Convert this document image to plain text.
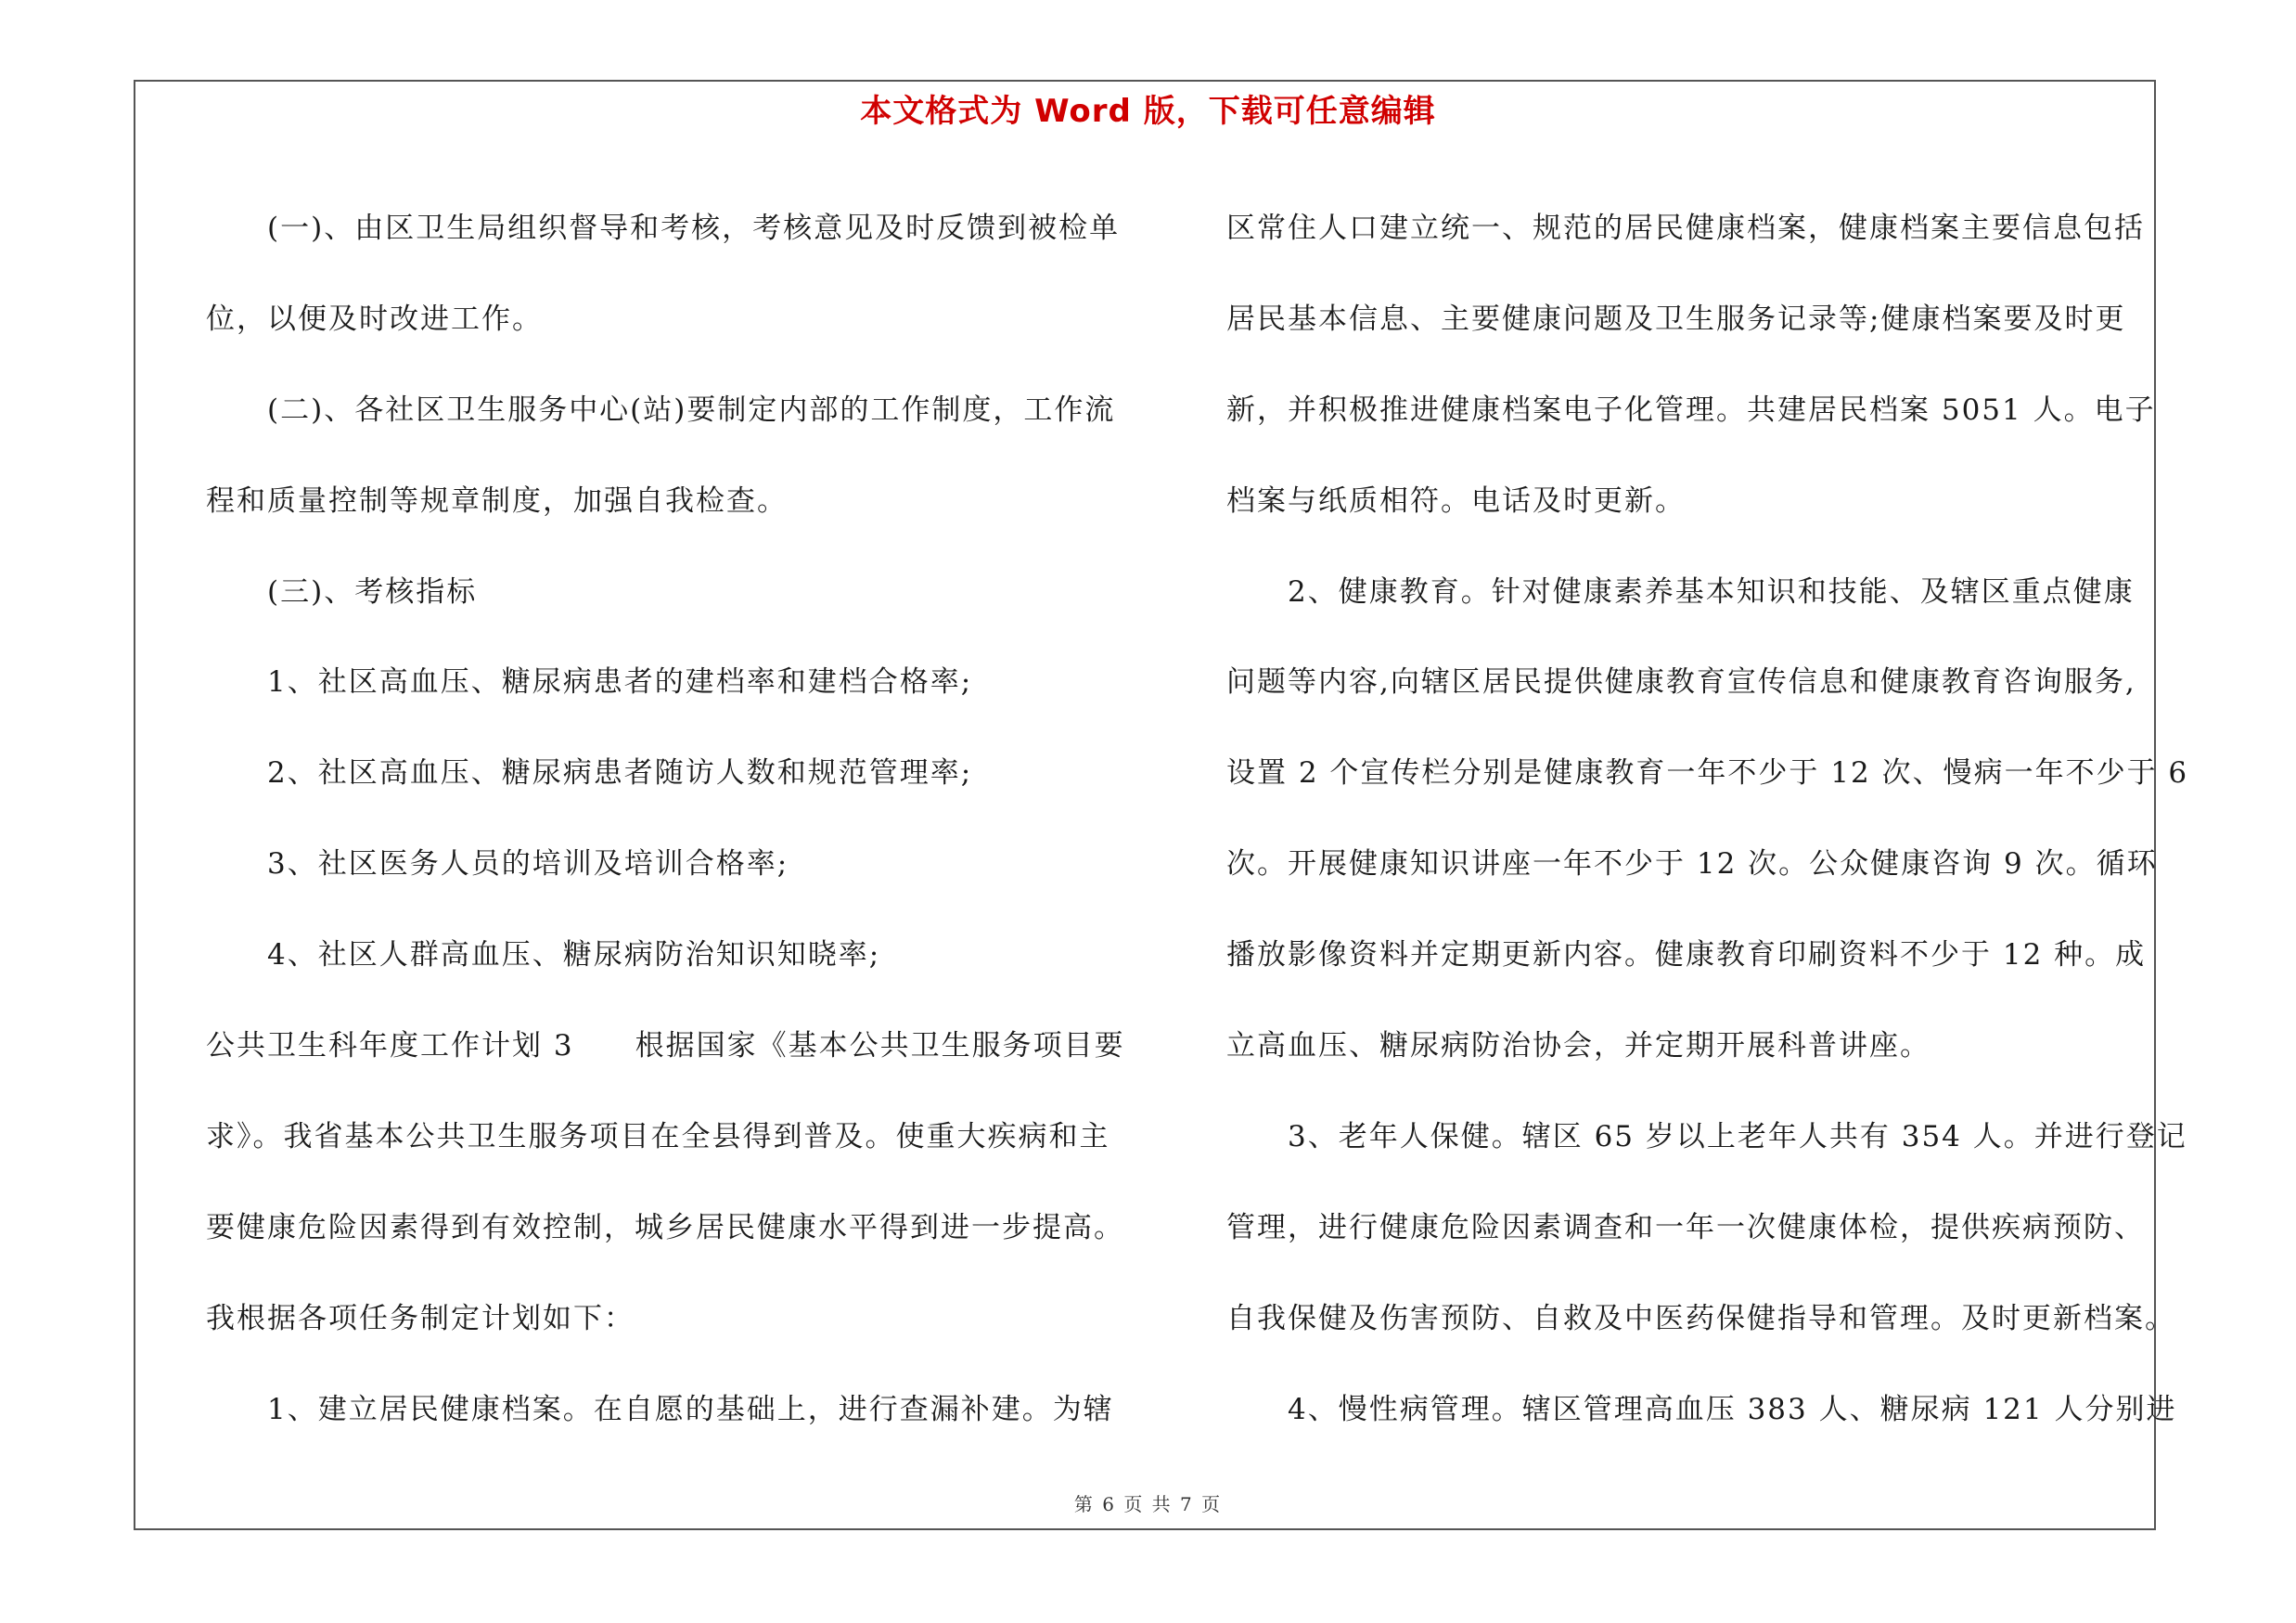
本文格式为 Word 版，下载可任意编辑
(一)、由区卫生局组织督导和考核，考核意见及时反馈到被检单
位，以便及时改进工作。
(二)、各社区卫生服务中心(站)要制定内部的工作制度，工作流
程和质量控制等规章制度，加强自我检查。
(三)、考核指标
1、社区高血压、糖尿病患者的建档率和建档合格率;
2、社区高血压、糖尿病患者随访人数和规范管理率;
3、社区医务人员的培训及培训合格率;
4、社区人群高血压、糖尿病防治知识知晓率;
公共卫生科年度工作计划 3　　根据国家《基本公共卫生服务项目要
求》。我省基本公共卫生服务项目在全县得到普及。使重大疾病和主
要健康危险因素得到有效控制，城乡居民健康水平得到进一步提高。
我根据各项任务制定计划如下：
1、建立居民健康档案。在自愿的基础上，进行查漏补建。为辖
区常住人口建立统一、规范的居民健康档案，健康档案主要信息包括
居民基本信息、主要健康问题及卫生服务记录等;健康档案要及时更
新，并积极推进健康档案电子化管理。共建居民档案 5051 人。电子
档案与纸质相符。电话及时更新。
2、健康教育。针对健康素养基本知识和技能、及辖区重点健康
问题等内容,向辖区居民提供健康教育宣传信息和健康教育咨询服务,
设置 2 个宣传栏分别是健康教育一年不少于 12 次、慢病一年不少于 6
次。开展健康知识讲座一年不少于 12 次。公众健康咨询 9 次。循环
播放影像资料并定期更新内容。健康教育印刷资料不少于 12 种。成
立高血压、糖尿病防治协会，并定期开展科普讲座。
3、老年人保健。辖区 65 岁以上老年人共有 354 人。并进行登记
管理，进行健康危险因素调查和一年一次健康体检，提供疾病预防、
自我保健及伤害预防、自救及中医药保健指导和管理。及时更新档案。
4、慢性病管理。辖区管理高血压 383 人、糖尿病 121 人分别进
第 6 页 共 7 页
